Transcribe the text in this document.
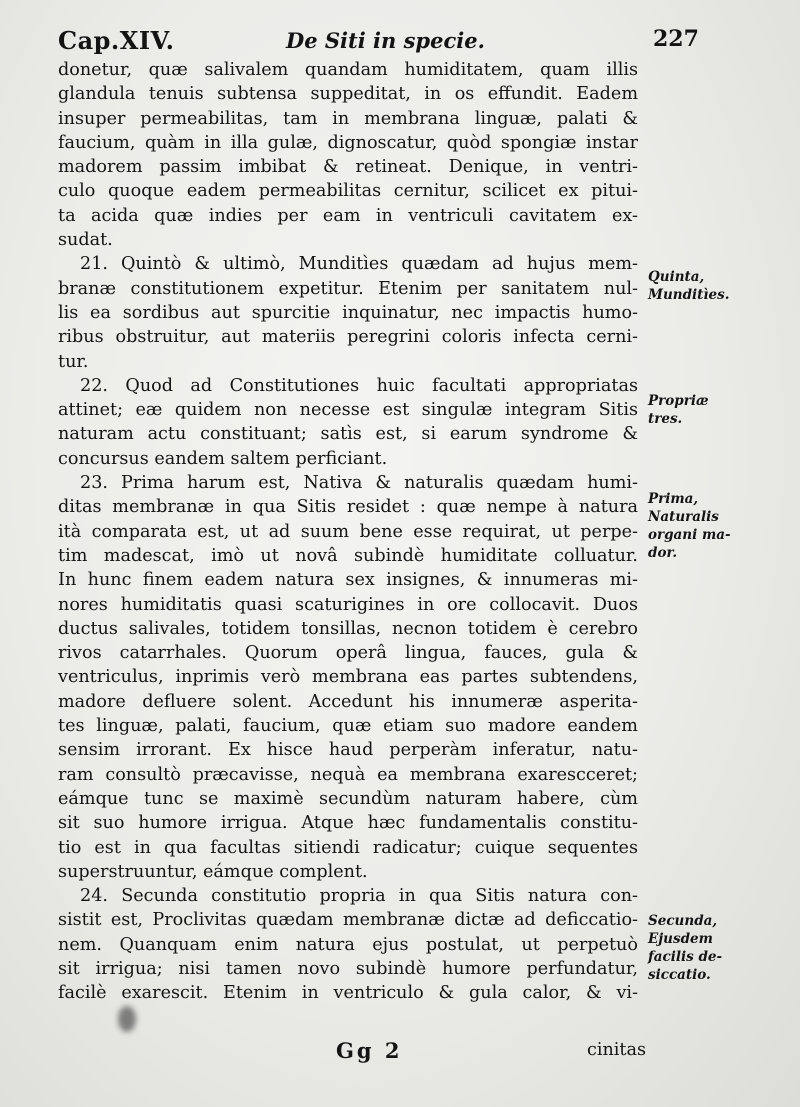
Cap.XIV.	De Siti in specie.	227
donetur, quæ salivalem quandam humiditatem, quam illis
glandula tenuis subtensa suppeditat, in os effundit. Eadem
insuper permeabilitas, tam in membrana linguæ, palati &
faucium, quàm in illa gulæ, dignoscatur, quòd spongiæ instar
madorem passim imbibat & retineat. Denique, in ventri-
culo quoque eadem permeabilitas cernitur, scilicet ex pitui-
ta acida quæ indies per eam in ventriculi cavitatem ex-
sudat.
21. Quintò & ultimò, Munditìes quædam ad hujus mem-
branæ constitutionem expetitur. Etenim per sanitatem nul-
lis ea sordibus aut spurcitie inquinatur, nec impactis humo-
ribus obstruitur, aut materiis peregrini coloris infecta cerni-
tur.
22. Quod ad Constitutiones huic facultati appropriatas
attinet; eæ quidem non necesse est singulæ integram Sitis
naturam actu constituant; satìs est, si earum syndrome &
concursus eandem saltem perficiant.
23. Prima harum est, Nativa & naturalis quædam humi-
ditas membranæ in qua Sitis residet : quæ nempe à natura
ità comparata est, ut ad suum bene esse requirat, ut perpe-
tim madescat, imò ut novâ subindè humiditate colluatur.
In hunc finem eadem natura sex insignes, & innumeras mi-
nores humiditatis quasi scaturigines in ore collocavit. Duos
ductus salivales, totidem tonsillas, necnon totidem è cerebro
rivos catarrhales. Quorum operâ lingua, fauces, gula &
ventriculus, inprimis verò membrana eas partes subtendens,
madore defluere solent. Accedunt his innumeræ asperita-
tes linguæ, palati, faucium, quæ etiam suo madore eandem
sensim irrorant. Ex hisce haud perperàm inferatur, natu-
ram consultò præcavisse, nequà ea membrana exarescceret;
eámque tunc se maximè secundùm naturam habere, cùm
sit suo humore irrigua. Atque hæc fundamentalis constitu-
tio est in qua facultas sitiendi radicatur; cuique sequentes
superstruuntur, eámque complent.
24. Secunda constitutio propria in qua Sitis natura con-
sistit est, Proclivitas quædam membranæ dictæ ad deficcatio-
nem. Quanquam enim natura ejus postulat, ut perpetuò
sit irrigua; nisi tamen novo subindè humore perfundatur,
facilè exarescit. Etenim in ventriculo & gula calor, & vi-
Quinta,
Munditìes.
Propriæ
tres.
Prima,
Naturalis
organi ma-
dor.
Secunda,
Ejusdem
facilis de-
siccatio.
Gg 2	cinitas
